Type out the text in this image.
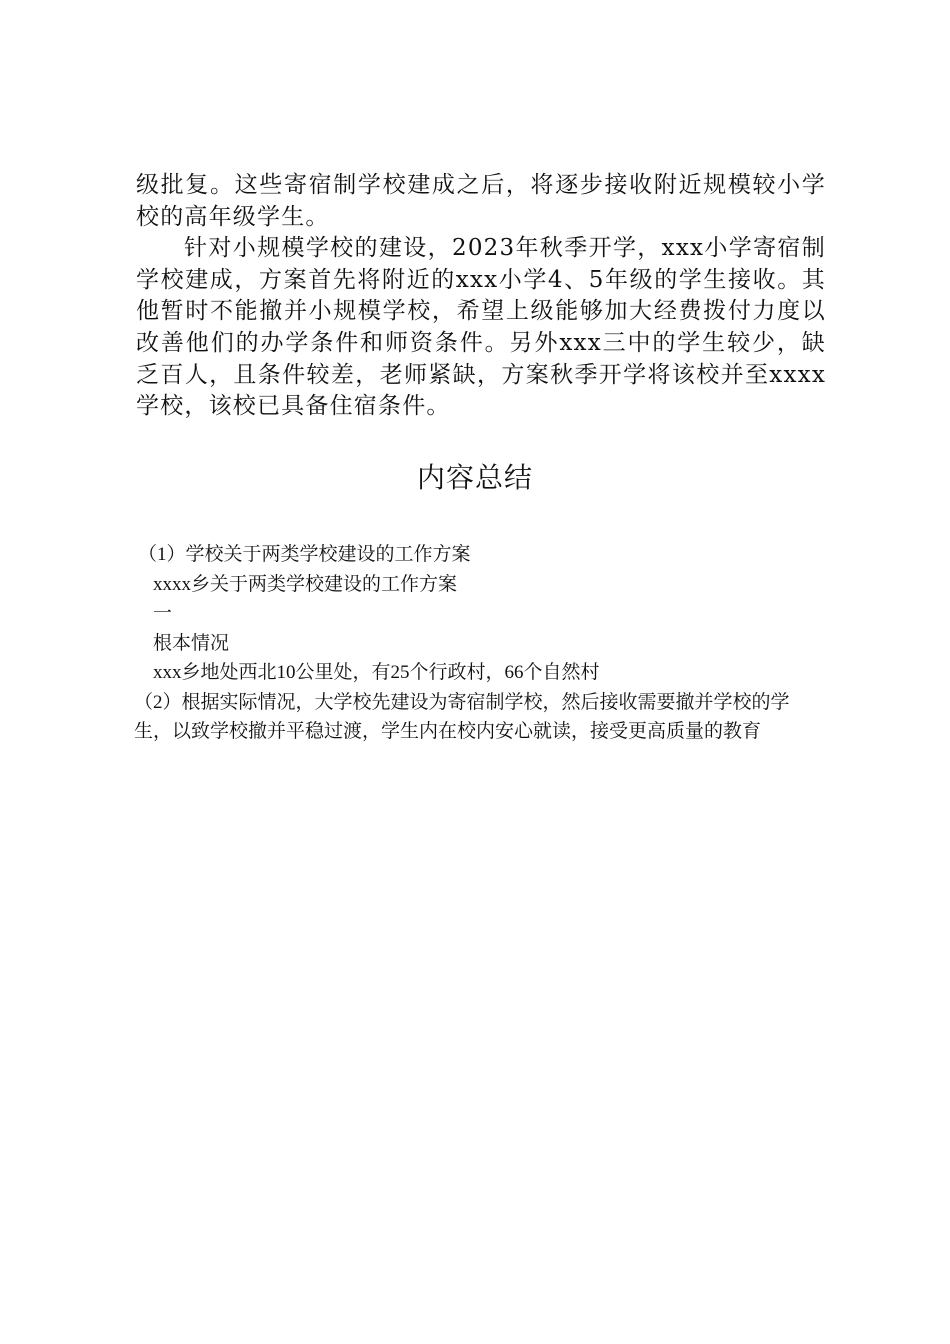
级批复。这些寄宿制学校建成之后，将逐步接收附近规模较小学校的高年级学生。

针对小规模学校的建设，2023年秋季开学，xxx小学寄宿制学校建成，方案首先将附近的xxx小学4、5年级的学生接收。其他暂时不能撤并小规模学校，希望上级能够加大经费拨付力度以改善他们的办学条件和师资条件。另外xxx三中的学生较少，缺乏百人，且条件较差，老师紧缺，方案秋季开学将该校并至xxxx学校，该校已具备住宿条件。

内容总结

（1）学校关于两类学校建设的工作方案

xxxx乡关于两类学校建设的工作方案

一

根本情况

xxx乡地处西北10公里处，有25个行政村，66个自然村

（2）根据实际情况，大学校先建设为寄宿制学校，然后接收需要撤并学校的学生，以致学校撤并平稳过渡，学生内在校内安心就读，接受更高质量的教育
